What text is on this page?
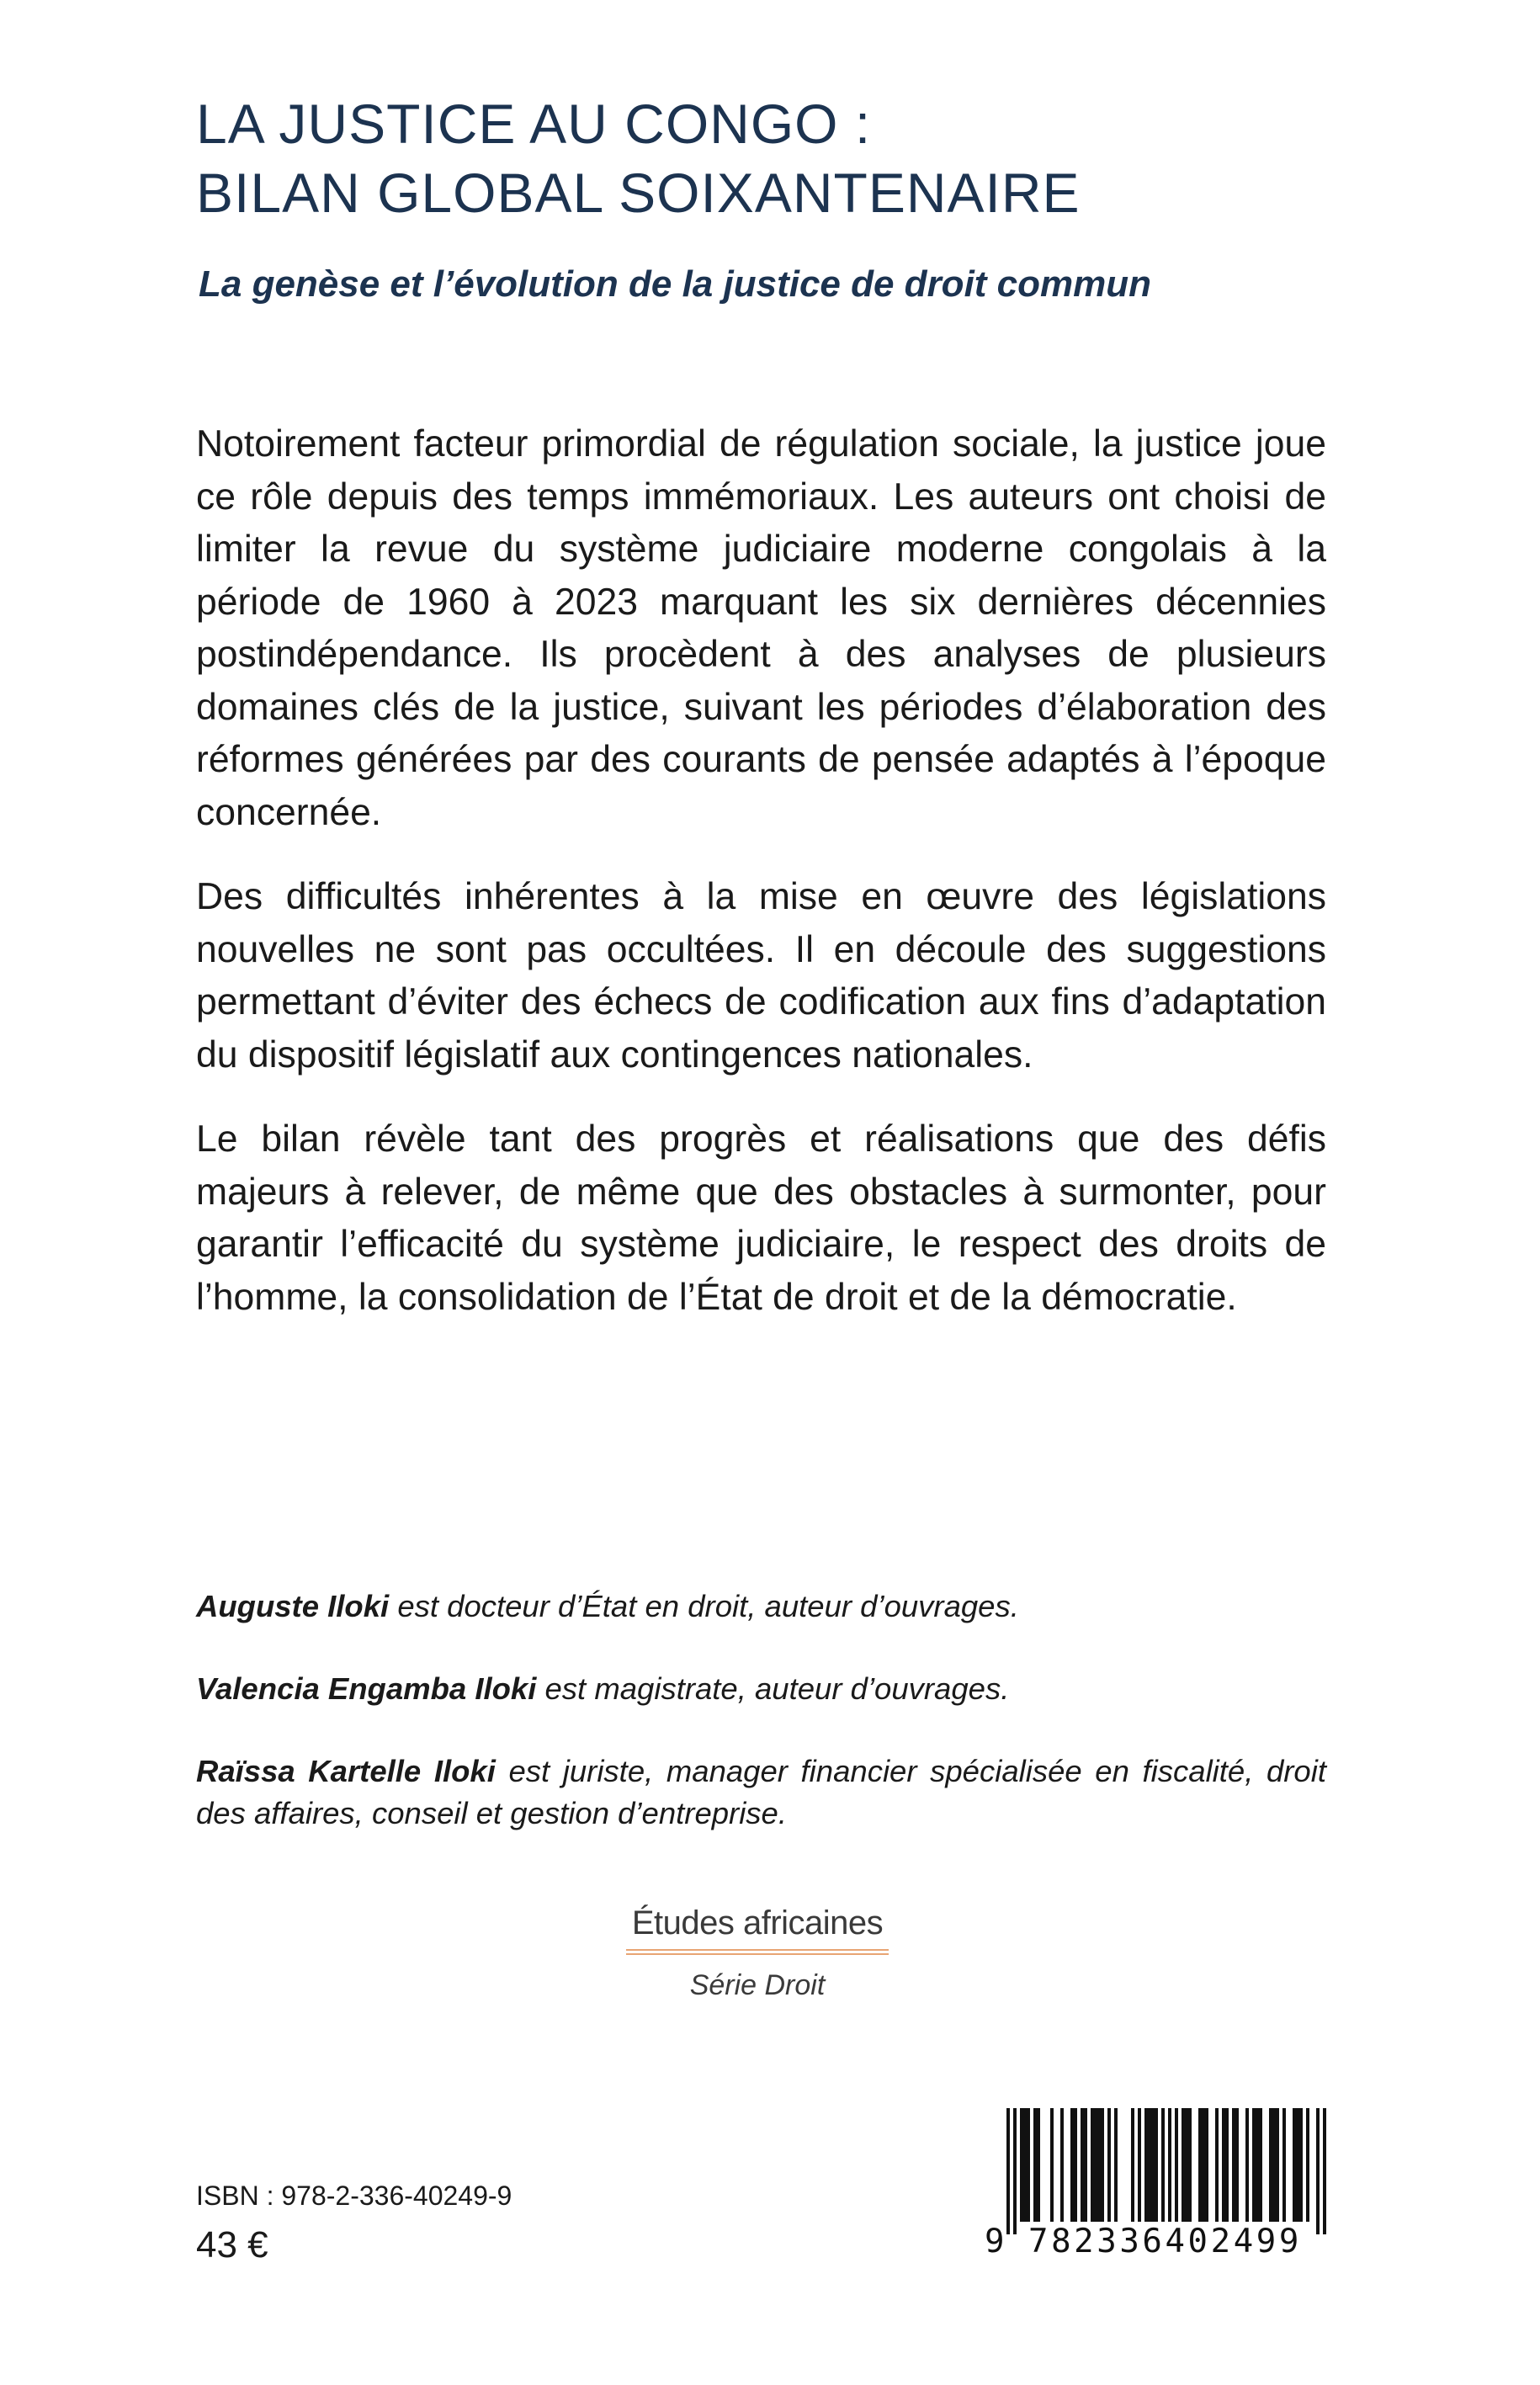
LA JUSTICE AU CONGO :
BILAN GLOBAL SOIXANTENAIRE
La genèse et l’évolution de la justice de droit commun

Notoirement facteur primordial de régulation sociale, la justice joue ce rôle depuis des temps immémoriaux. Les auteurs ont choisi de limiter la revue du système judiciaire moderne congolais à la période de 1960 à 2023 marquant les six dernières décennies postindépendance. Ils procèdent à des analyses de plusieurs domaines clés de la justice, suivant les périodes d’élaboration des réformes générées par des courants de pensée adaptés à l’époque concernée.

Des difficultés inhérentes à la mise en œuvre des législations nouvelles ne sont pas occultées. Il en découle des suggestions permettant d’éviter des échecs de codification aux fins d’adaptation du dispositif législatif aux contingences nationales.

Le bilan révèle tant des progrès et réalisations que des défis majeurs à relever, de même que des obstacles à surmonter, pour garantir l’efficacité du système judiciaire, le respect des droits de l’homme, la consolidation de l’État de droit et de la démocratie.

Auguste Iloki est docteur d’État en droit, auteur d’ouvrages.

Valencia Engamba Iloki est magistrate, auteur d’ouvrages.

Raïssa Kartelle Iloki est juriste, manager financier spécialisée en fiscalité, droit des affaires, conseil et gestion d’entreprise.

Études africaines
Série Droit
ISBN : 978-2-336-40249-9
43 €	9 782336402499
